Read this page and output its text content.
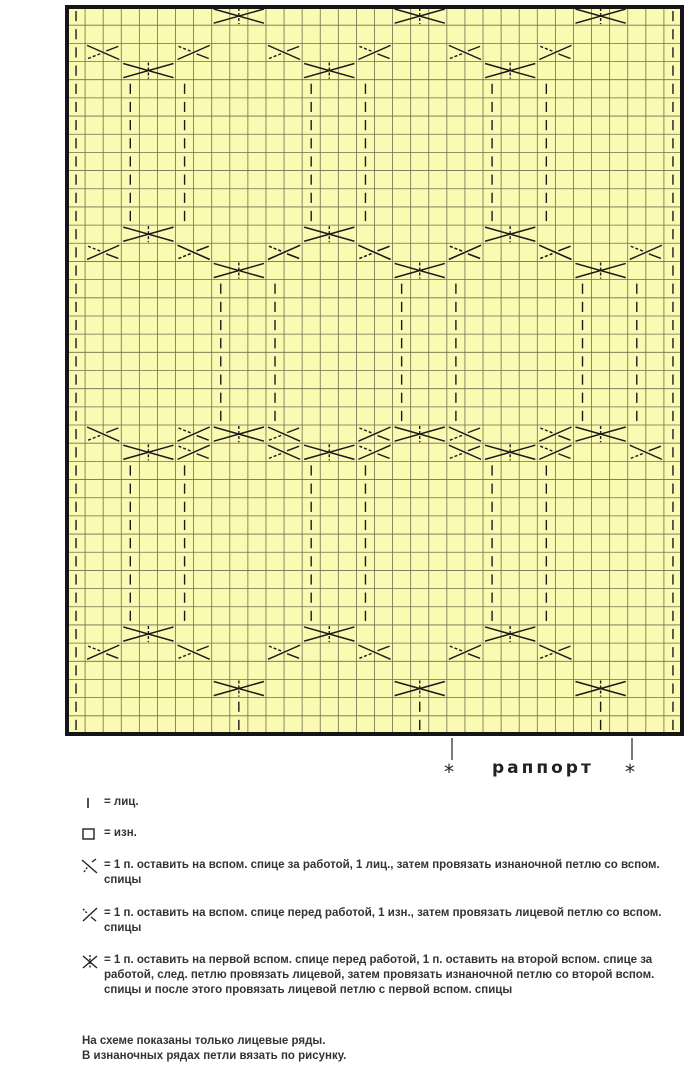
* раппорт *
= лиц.
= изн.
= 1 п. оставить на вспом. спице за работой, 1 лиц., затем провязать изнаночной петлю со вспом. спицы
= 1 п. оставить на вспом. спице перед работой, 1 изн., затем провязать лицевой петлю со вспом. спицы
= 1 п. оставить на первой вспом. спице перед работой, 1 п. оставить на второй вспом. спице за работой, след. петлю провязать лицевой, затем провязать изнаночной петлю со второй вспом. спицы и после этого провязать лицевой петлю с первой вспом. спицы
На схеме показаны только лицевые ряды.
В изнаночных рядах петли вязать по рисунку.
